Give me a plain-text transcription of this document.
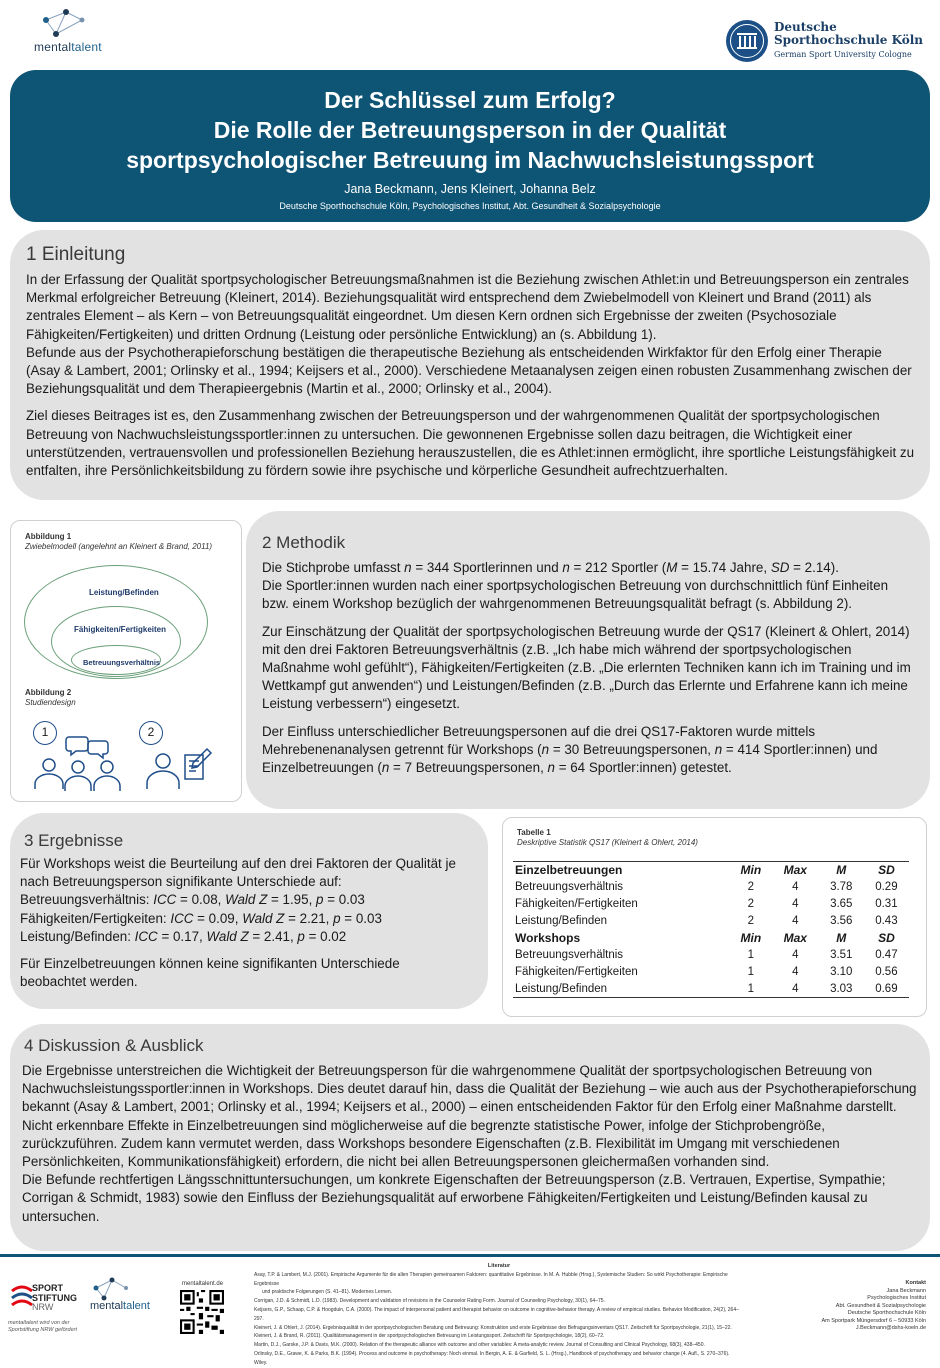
mentaltalent
Deutsche
Sporthochschule Köln
German Sport University Cologne
Der Schlüssel zum Erfolg?
Die Rolle der Betreuungsperson in der Qualität
sportpsychologischer Betreuung im Nachwuchsleistungssport
Jana Beckmann, Jens Kleinert, Johanna Belz
Deutsche Sporthochschule Köln, Psychologisches Institut, Abt. Gesundheit & Sozialpsychologie
1 Einleitung

In der Erfassung der Qualität sportpsychologischer Betreuungsmaßnahmen ist die Beziehung zwischen Athlet:in und Betreuungsperson ein zentrales Merkmal erfolgreicher Betreuung (Kleinert, 2014). Beziehungsqualität wird entsprechend dem Zwiebelmodell von Kleinert und Brand (2011) als zentrales Element – als Kern – von Betreuungsqualität eingeordnet. Um diesen Kern ordnen sich Ergebnisse der zweiten (Psychosoziale Fähigkeiten/Fertigkeiten) und dritten Ordnung (Leistung oder persönliche Entwicklung) an (s. Abbildung 1).

Befunde aus der Psychotherapieforschung bestätigen die therapeutische Beziehung als entscheidenden Wirkfaktor für den Erfolg einer Therapie (Asay & Lambert, 2001; Orlinsky et al., 1994; Keijsers et al., 2000). Verschiedene Metaanalysen zeigen einen robusten Zusammenhang zwischen der Beziehungsqualität und dem Therapieergebnis (Martin et al., 2000; Orlinsky et al., 2004).

Ziel dieses Beitrages ist es, den Zusammenhang zwischen der Betreuungsperson und der wahrgenommenen Qualität der sportpsychologischen Betreuung von Nachwuchsleistungssportler:innen zu untersuchen. Die gewonnenen Ergebnisse sollen dazu beitragen, die Wichtigkeit einer unterstützenden, vertrauensvollen und professionellen Beziehung herauszustellen, die es Athlet:innen ermöglicht, ihre sportliche Leistungsfähigkeit zu entfalten, ihre Persönlichkeitsbildung zu fördern sowie ihre psychische und körperliche Gesundheit aufrechtzuerhalten.

Abbildung 1
Zwiebelmodell (angelehnt an Kleinert & Brand, 2011)
Leistung/Befinden
Fähigkeiten/Fertigkeiten
Betreuungsverhältnis
Abbildung 2
Studiendesign
1	2
2 Methodik

Die Stichprobe umfasst n = 344 Sportlerinnen und n = 212 Sportler (M = 15.74 Jahre, SD = 2.14).

Die Sportler:innen wurden nach einer sportpsychologischen Betreuung von durchschnittlich fünf Einheiten bzw. einem Workshop bezüglich der wahrgenommenen Betreuungsqualität befragt (s. Abbildung 2).

Zur Einschätzung der Qualität der sportpsychologischen Betreuung wurde der QS17 (Kleinert & Ohlert, 2014) mit den drei Faktoren Betreuungsverhältnis (z.B. „Ich habe mich während der sportpsychologischen Maßnahme wohl gefühlt“), Fähigkeiten/Fertigkeiten (z.B. „Die erlernten Techniken kann ich im Training und im Wettkampf gut anwenden“) und Leistungen/Befinden (z.B. „Durch das Erlernte und Erfahrene kann ich meine Leistung verbessern“) eingesetzt.

Der Einfluss unterschiedlicher Betreuungspersonen auf die drei QS17-Faktoren wurde mittels Mehrebenenanalysen getrennt für Workshops (n = 30 Betreuungspersonen, n = 414 Sportler:innen) und Einzelbetreuungen (n = 7 Betreuungspersonen, n = 64 Sportler:innen) getestet.

3 Ergebnisse

Für Workshops weist die Beurteilung auf den drei Faktoren der Qualität je nach Betreuungsperson signifikante Unterschiede auf:

Betreuungsverhältnis: ICC = 0.08, Wald Z = 1.95, p = 0.03

Fähigkeiten/Fertigkeiten: ICC = 0.09, Wald Z = 2.21, p = 0.03

Leistung/Befinden: ICC = 0.17, Wald Z = 2.41, p = 0.02

Für Einzelbetreuungen können keine signifikanten Unterschiede beobachtet werden.

Tabelle 1
Deskriptive Statistik QS17 (Kleinert & Ohlert, 2014)
Einzelbetreuungen	Min	Max	M	SD
Betreuungsverhältnis	2	4	3.78	0.29
Fähigkeiten/Fertigkeiten	2	4	3.65	0.31
Leistung/Befinden	2	4	3.56	0.43
Workshops	Min	Max	M	SD
Betreuungsverhältnis	1	4	3.51	0.47
Fähigkeiten/Fertigkeiten	1	4	3.10	0.56
Leistung/Befinden	1	4	3.03	0.69
4 Diskussion & Ausblick

Die Ergebnisse unterstreichen die Wichtigkeit der Betreuungsperson für die wahrgenommene Qualität der sportpsychologischen Betreuung von Nachwuchsleistungssportler:innen in Workshops. Dies deutet darauf hin, dass die Qualität der Beziehung – wie auch aus der Psychotherapieforschung bekannt (Asay & Lambert, 2001; Orlinsky et al., 1994; Keijsers et al., 2000) – einen entscheidenden Faktor für den Erfolg einer Maßnahme darstellt. Nicht erkennbare Effekte in Einzelbetreuungen sind möglicherweise auf die begrenzte statistische Power, infolge der Stichprobengröße, zurückzuführen. Zudem kann vermutet werden, dass Workshops besondere Eigenschaften (z.B. Flexibilität im Umgang mit verschiedenen Persönlichkeiten, Kommunikationsfähigkeit) erfordern, die nicht bei allen Betreuungspersonen gleichermaßen vorhanden sind.

Die Befunde rechtfertigen Längsschnittuntersuchungen, um konkrete Eigenschaften der Betreuungsperson (z.B. Vertrauen, Expertise, Sympathie; Corrigan & Schmidt, 1983) sowie den Einfluss der Beziehungsqualität auf erworbene Fähigkeiten/Fertigkeiten und Leistung/Befinden kausal zu untersuchen.

SPORT
STIFTUNG
NRW
mentaltalent wird von der
Sportstiftung NRW gefördert
mentaltalent
mentaltalent.de
Literatur
Asay, T.P. & Lambert, M.J. (2001). Empirische Argumente für die allen Therapien gemeinsamen Faktoren: quantitative Ergebnisse. In M. A. Hubble (Hrsg.), Systemische Studien: So wirkt Psychotherapie: Empirische Ergebnisse
und praktische Folgerungen (S. 41–81). Modernes Lernen.
Corrigan, J.D. & Schmidt, L.D. (1983). Development and validation of revisions in the Counselor Rating Form. Journal of Counseling Psychology, 30(1), 64–75.
Keijsers, G.P., Schaap, C.P. & Hoogduin, C.A. (2000). The impact of interpersonal patient and therapist behavior on outcome in cognitive-behavior therapy. A review of empirical studies. Behavior Modification, 24(2), 264–297.
Kleinert, J. & Ohlert, J. (2014). Ergebnisqualität in der sportpsychologischen Beratung und Betreuung: Konstruktion und erste Ergebnisse des Befragungsinventars QS17. Zeitschrift für Sportpsychologie, 21(1), 15–22.
Kleinert, J. & Brand, R. (2011). Qualitätsmanagement in der sportpsychologischen Betreuung im Leistungssport. Zeitschrift für Sportpsychologie, 18(2), 60–72.
Martin, D.J., Garske, J.P. & Davis, M.K. (2000). Relation of the therapeutic alliance with outcome and other variables: A meta-analytic review. Journal of Consulting and Clinical Psychology, 68(3), 438–450.
Orlinsky, D.E., Grawe, K. & Parks, B.K. (1994). Process and outcome in psychotherapy: Noch einmal. In Bergin, A. E. & Garfield, S. L. (Hrsg.), Handbook of psychotherapy and behavior change (4. Aufl., S. 270–376). Wiley.
Kontakt
Jana Beckmann
Psychologisches Institut
Abt. Gesundheit & Sozialpsychologie
Deutsche Sporthochschule Köln
Am Sportpark Müngersdorf 6 – 50933 Köln
J.Beckmann@dshs-koeln.de
